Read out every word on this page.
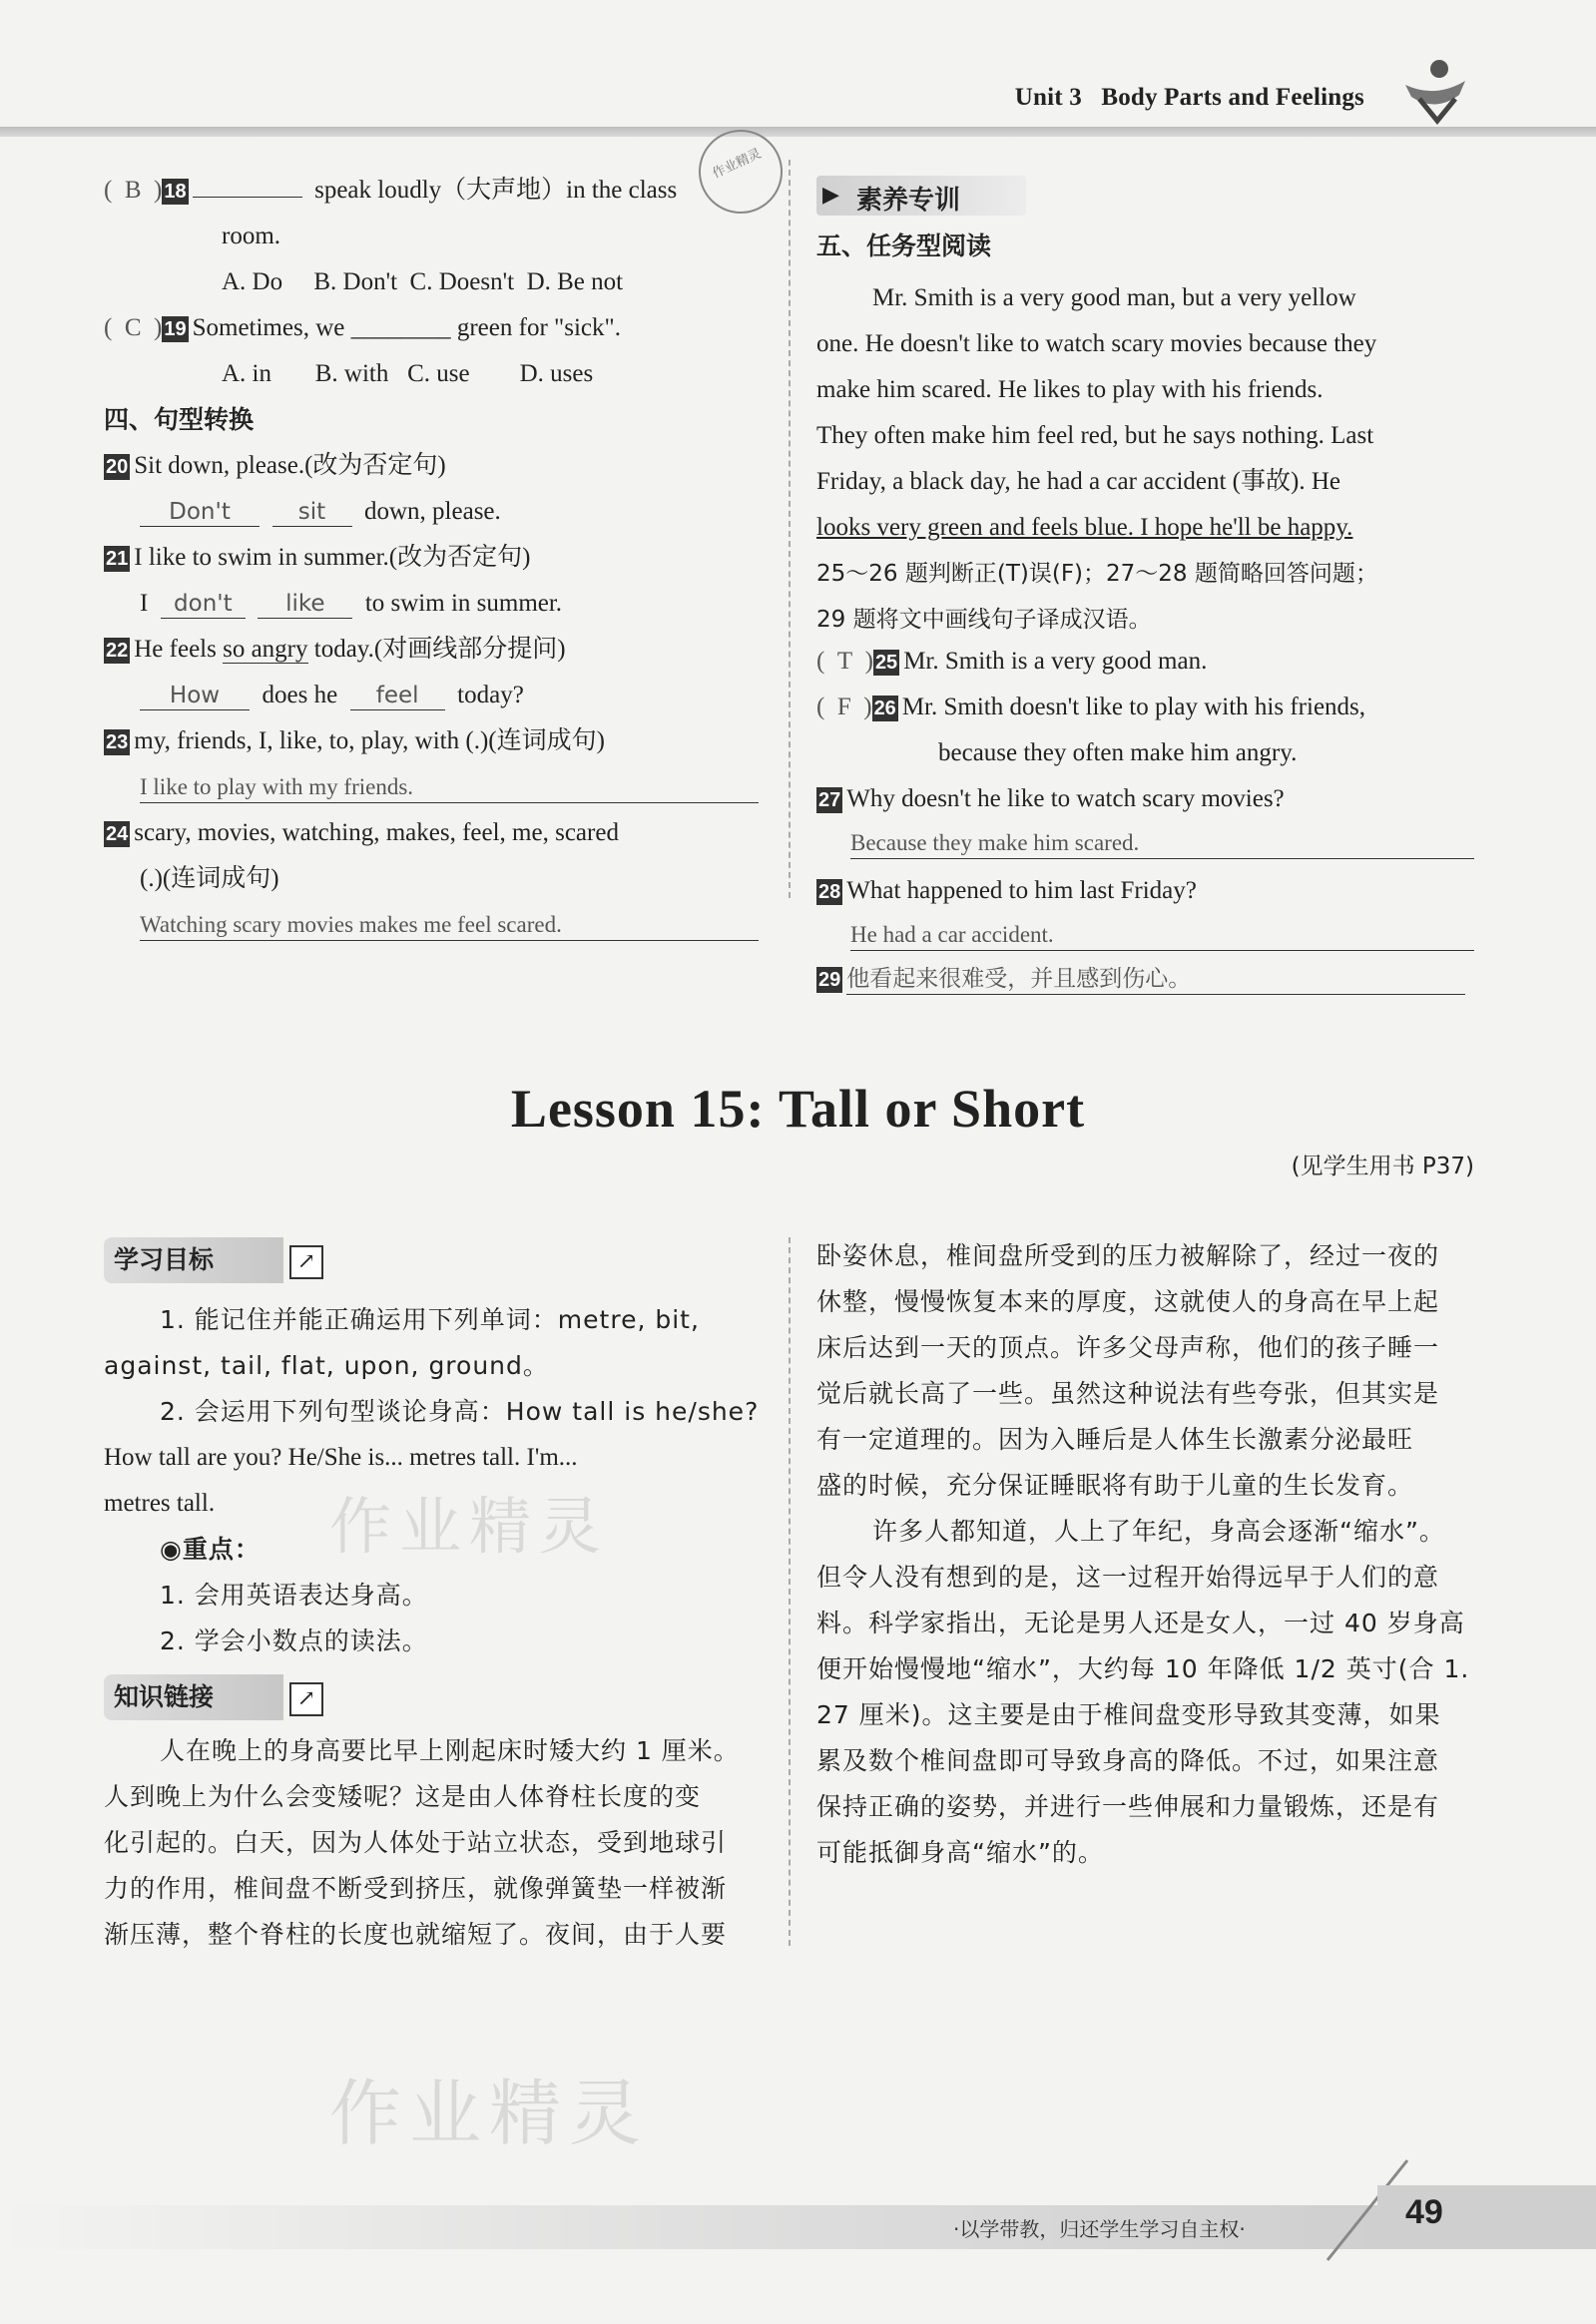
Unit 3 Body Parts and Feelings
作业精灵
(  B  ) 18	speak loudly（大声地）in the class
room.
A. Do B. Don't C. Doesn't D. Be not
(  C  ) 19 Sometimes, we ________ green for "sick".
A. in B. with C. use D. uses
四、句型转换
20 Sit down, please.(改为否定句)
Don't	sit down, please.
21 I like to swim in summer.(改为否定句)
I don't like to swim in summer.
22 He feels so angry today.(对画线部分提问)
How does he feel today?
23 my, friends, I, like, to, play, with (.)(连词成句)
I like to play with my friends.
24 scary, movies, watching, makes, feel, me, scared
(.)(连词成句)
Watching scary movies makes me feel scared.
▶ 素养专训
五、任务型阅读
Mr. Smith is a very good man, but a very yellow
one. He doesn't like to watch scary movies because they
make him scared. He likes to play with his friends.
They often make him feel red, but he says nothing. Last
Friday, a black day, he had a car accident (事故). He
looks very green and feels blue. I hope he'll be happy.
25～26 题判断正(T)误(F)；27～28 题简略回答问题；
29 题将文中画线句子译成汉语。
(  T  ) 25 Mr. Smith is a very good man.
(  F  ) 26 Mr. Smith doesn't like to play with his friends,
because they often make him angry.
27 Why doesn't he like to watch scary movies?
Because they make him scared.
28 What happened to him last Friday?
He had a car accident.
29 他看起来很难受，并且感到伤心。
Lesson 15: Tall or Short
(见学生用书 P37)
学习目标	↗
1. 能记住并能正确运用下列单词：metre, bit,
against, tail, flat, upon, ground。
2. 会运用下列句型谈论身高：How tall is he/she?
How tall are you? He/She is... metres tall. I'm...
metres tall.
◉重点：
1. 会用英语表达身高。
2. 学会小数点的读法。
知识链接	↗
人在晚上的身高要比早上刚起床时矮大约 1 厘米。
人到晚上为什么会变矮呢？这是由人体脊柱长度的变
化引起的。白天，因为人体处于站立状态，受到地球引
力的作用，椎间盘不断受到挤压，就像弹簧垫一样被渐
渐压薄，整个脊柱的长度也就缩短了。夜间，由于人要
卧姿休息，椎间盘所受到的压力被解除了，经过一夜的
休整，慢慢恢复本来的厚度，这就使人的身高在早上起
床后达到一天的顶点。许多父母声称，他们的孩子睡一
觉后就长高了一些。虽然这种说法有些夸张，但其实是
有一定道理的。因为入睡后是人体生长激素分泌最旺
盛的时候，充分保证睡眠将有助于儿童的生长发育。
许多人都知道，人上了年纪，身高会逐渐“缩水”。
但令人没有想到的是，这一过程开始得远早于人们的意
料。科学家指出，无论是男人还是女人，一过 40 岁身高
便开始慢慢地“缩水”，大约每 10 年降低 1/2 英寸(合 1.
27 厘米)。这主要是由于椎间盘变形导致其变薄，如果
累及数个椎间盘即可导致身高的降低。不过，如果注意
保持正确的姿势，并进行一些伸展和力量锻炼，还是有
可能抵御身高“缩水”的。
作业精灵
作业精灵
·以学带教，归还学生学习自主权·	49
